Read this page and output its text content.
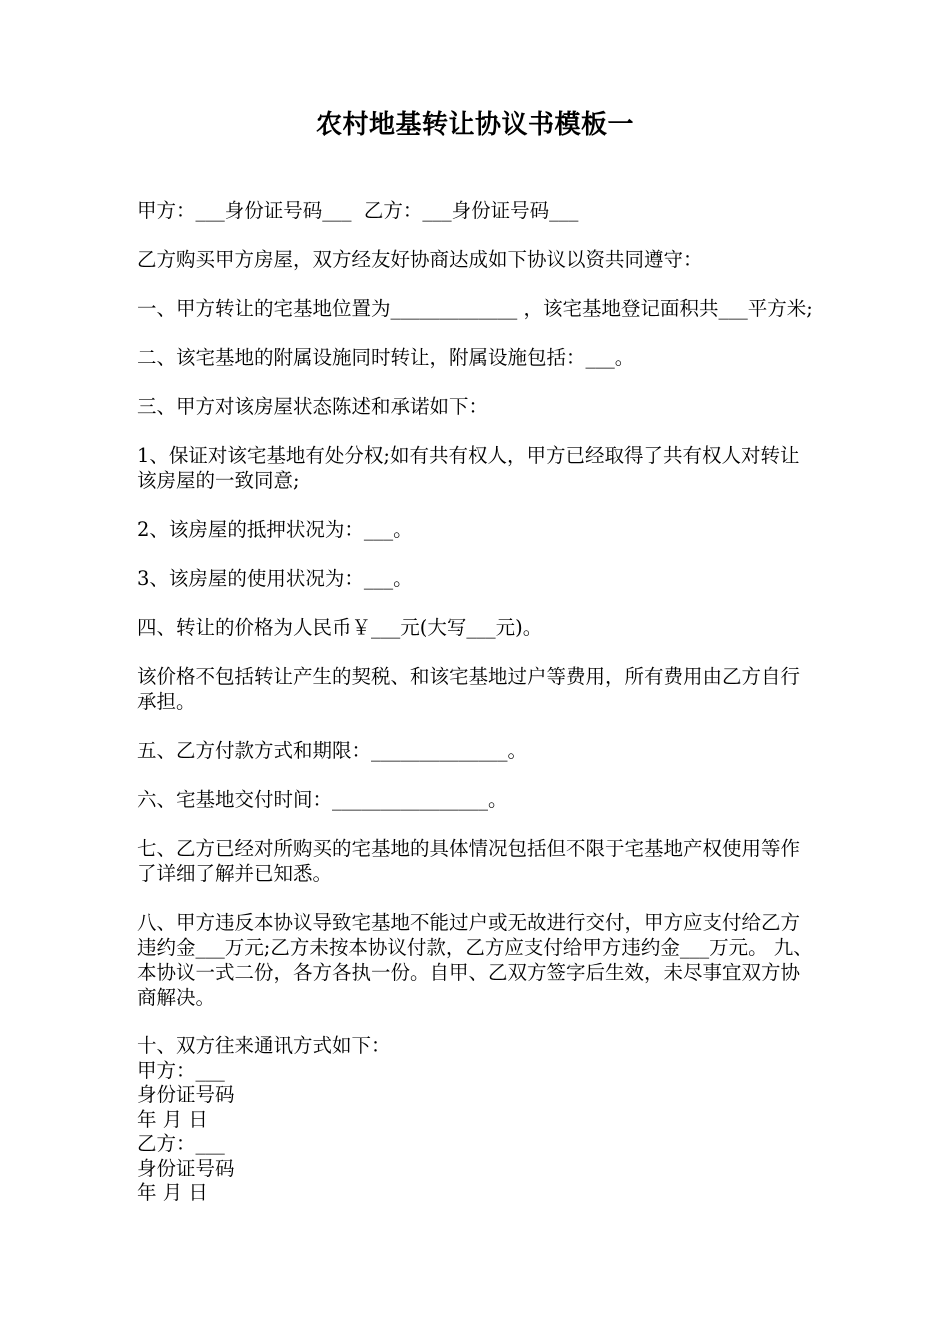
农村地基转让协议书模板一

甲方：___身份证号码___  乙方：___身份证号码___

乙方购买甲方房屋，双方经友好协商达成如下协议以资共同遵守：

一、甲方转让的宅基地位置为_____________ ，该宅基地登记面积共___平方米;

二、该宅基地的附属设施同时转让，附属设施包括：___。

三、甲方对该房屋状态陈述和承诺如下：

1、保证对该宅基地有处分权;如有共有权人，甲方已经取得了共有权人对转让该房屋的一致同意;

2、该房屋的抵押状况为：___。

3、该房屋的使用状况为：___。

四、转让的价格为人民币￥___元(大写___元)。

该价格不包括转让产生的契税、和该宅基地过户等费用，所有费用由乙方自行承担。

五、乙方付款方式和期限：______________。

六、宅基地交付时间：________________。

七、乙方已经对所购买的宅基地的具体情况包括但不限于宅基地产权使用等作了详细了解并已知悉。

八、甲方违反本协议导致宅基地不能过户或无故进行交付，甲方应支付给乙方违约金___万元;乙方未按本协议付款，乙方应支付给甲方违约金___万元。 九、本协议一式二份，各方各执一份。自甲、乙双方签字后生效，未尽事宜双方协商解决。

十、双方往来通讯方式如下：
甲方：___
身份证号码
年 月 日
乙方：___
身份证号码
年 月 日
